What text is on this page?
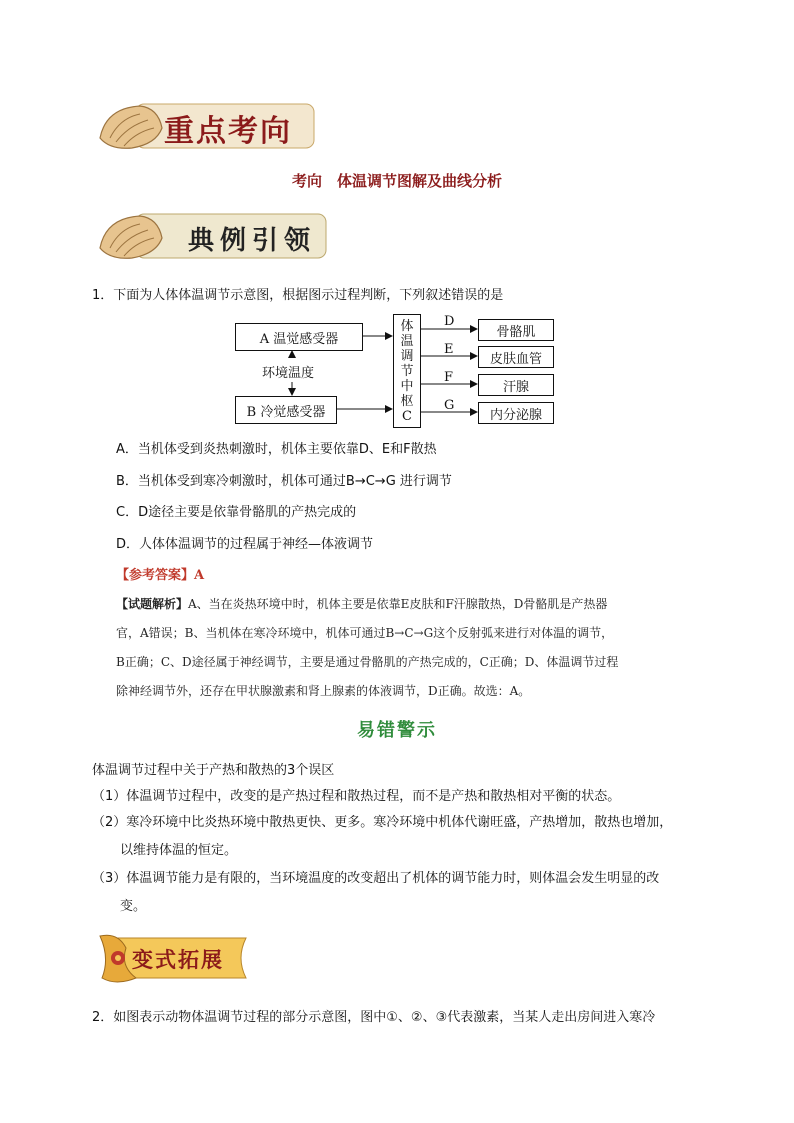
重点考向
考向　体温调节图解及曲线分析
典例引领
1．下面为人体体温调节示意图，根据图示过程判断，下列叙述错误的是
A 温觉感受器
环境温度
B 冷觉感受器
体
温
调
节
中
枢
C
骨骼肌
皮肤血管
汗腺
内分泌腺
D
E
F
G
A．当机体受到炎热刺激时，机体主要依靠D、E和F散热
B．当机体受到寒冷刺激时，机体可通过B→C→G 进行调节
C．D途径主要是依靠骨骼肌的产热完成的
D．人体体温调节的过程属于神经—体液调节
【参考答案】A
【试题解析】A、当在炎热环境中时，机体主要是依靠E皮肤和F汗腺散热，D骨骼肌是产热器
官，A错误；B、当机体在寒冷环境中，机体可通过B→C→G这个反射弧来进行对体温的调节，
B正确；C、D途径属于神经调节，主要是通过骨骼肌的产热完成的，C正确；D、体温调节过程
除神经调节外，还存在甲状腺激素和肾上腺素的体液调节，D正确。故选：A。
易错警示
体温调节过程中关于产热和散热的3个误区
（1）体温调节过程中，改变的是产热过程和散热过程，而不是产热和散热相对平衡的状态。
（2）寒冷环境中比炎热环境中散热更快、更多。寒冷环境中机体代谢旺盛，产热增加，散热也增加，
以维持体温的恒定。
（3）体温调节能力是有限的，当环境温度的改变超出了机体的调节能力时，则体温会发生明显的改
变。
变式拓展
2．如图表示动物体温调节过程的部分示意图，图中①、②、③代表激素，当某人走出房间进入寒冷
